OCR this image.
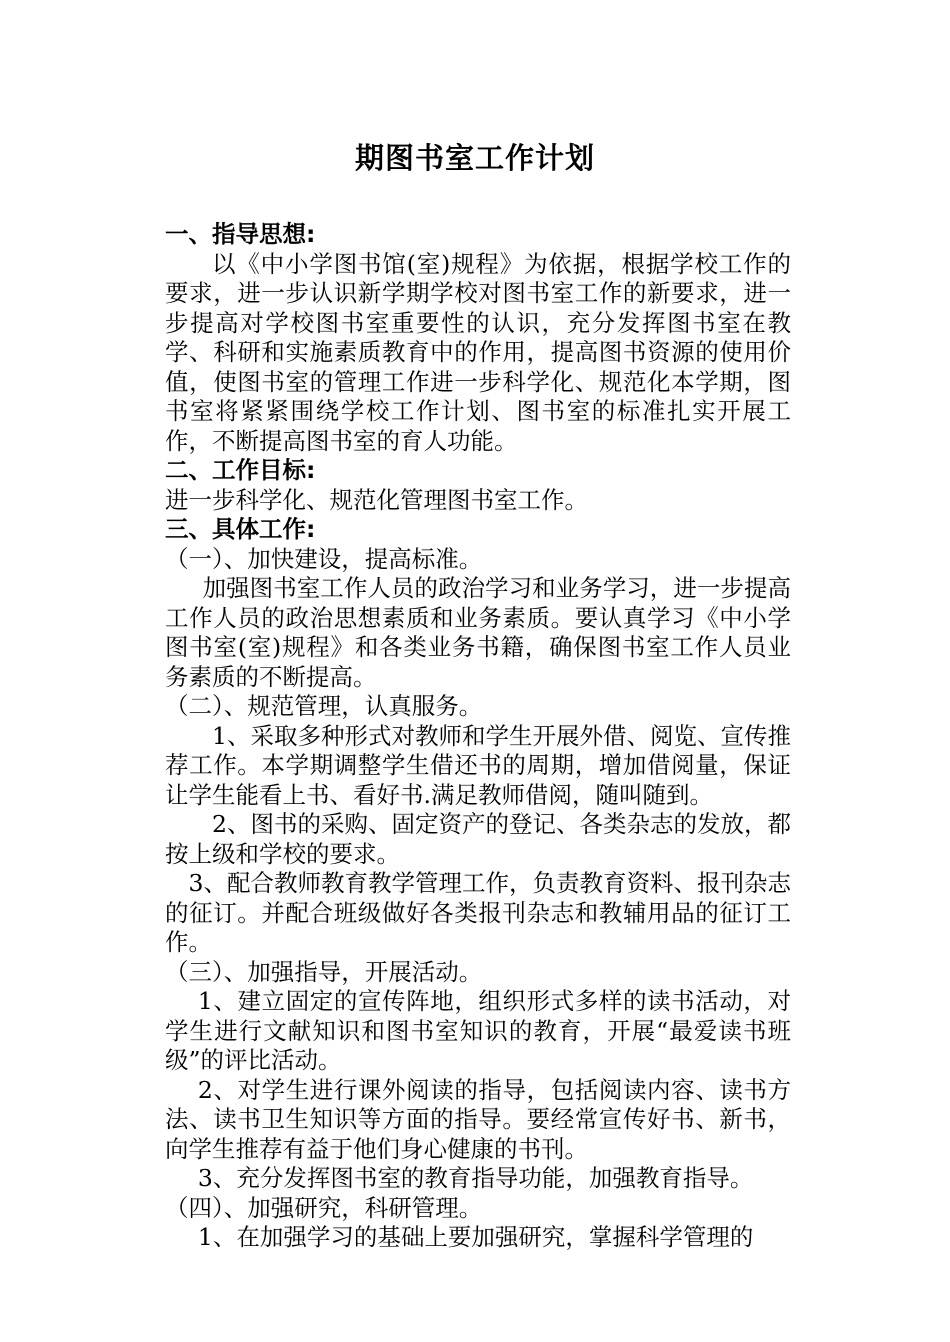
期图书室工作计划

一、指导思想:

以《中小学图书馆(室)规程》为依据，根据学校工作的要求，进一步认识新学期学校对图书室工作的新要求，进一步提高对学校图书室重要性的认识，充分发挥图书室在教学、科研和实施素质教育中的作用，提高图书资源的使用价值，使图书室的管理工作进一步科学化、规范化本学期，图书室将紧紧围绕学校工作计划、图书室的标准扎实开展工作，不断提高图书室的育人功能。

二、工作目标:

进一步科学化、规范化管理图书室工作。

三、具体工作:

（一）、加快建设，提高标准。

加强图书室工作人员的政治学习和业务学习，进一步提高工作人员的政治思想素质和业务素质。要认真学习《中小学图书室(室)规程》和各类业务书籍，确保图书室工作人员业务素质的不断提高。

（二）、规范管理，认真服务。

1、采取多种形式对教师和学生开展外借、阅览、宣传推荐工作。本学期调整学生借还书的周期，增加借阅量，保证让学生能看上书、看好书.满足教师借阅，随叫随到。

2、图书的采购、固定资产的登记、各类杂志的发放，都按上级和学校的要求。

3、配合教师教育教学管理工作，负责教育资料、报刊杂志的征订。并配合班级做好各类报刊杂志和教辅用品的征订工作。

（三）、加强指导，开展活动。

1、建立固定的宣传阵地，组织形式多样的读书活动，对学生进行文献知识和图书室知识的教育，开展“最爱读书班级”的评比活动。

2、对学生进行课外阅读的指导，包括阅读内容、读书方法、读书卫生知识等方面的指导。要经常宣传好书、新书，向学生推荐有益于他们身心健康的书刊。

3、充分发挥图书室的教育指导功能，加强教育指导。

（四）、加强研究，科研管理。

1、在加强学习的基础上要加强研究，掌握科学管理的
